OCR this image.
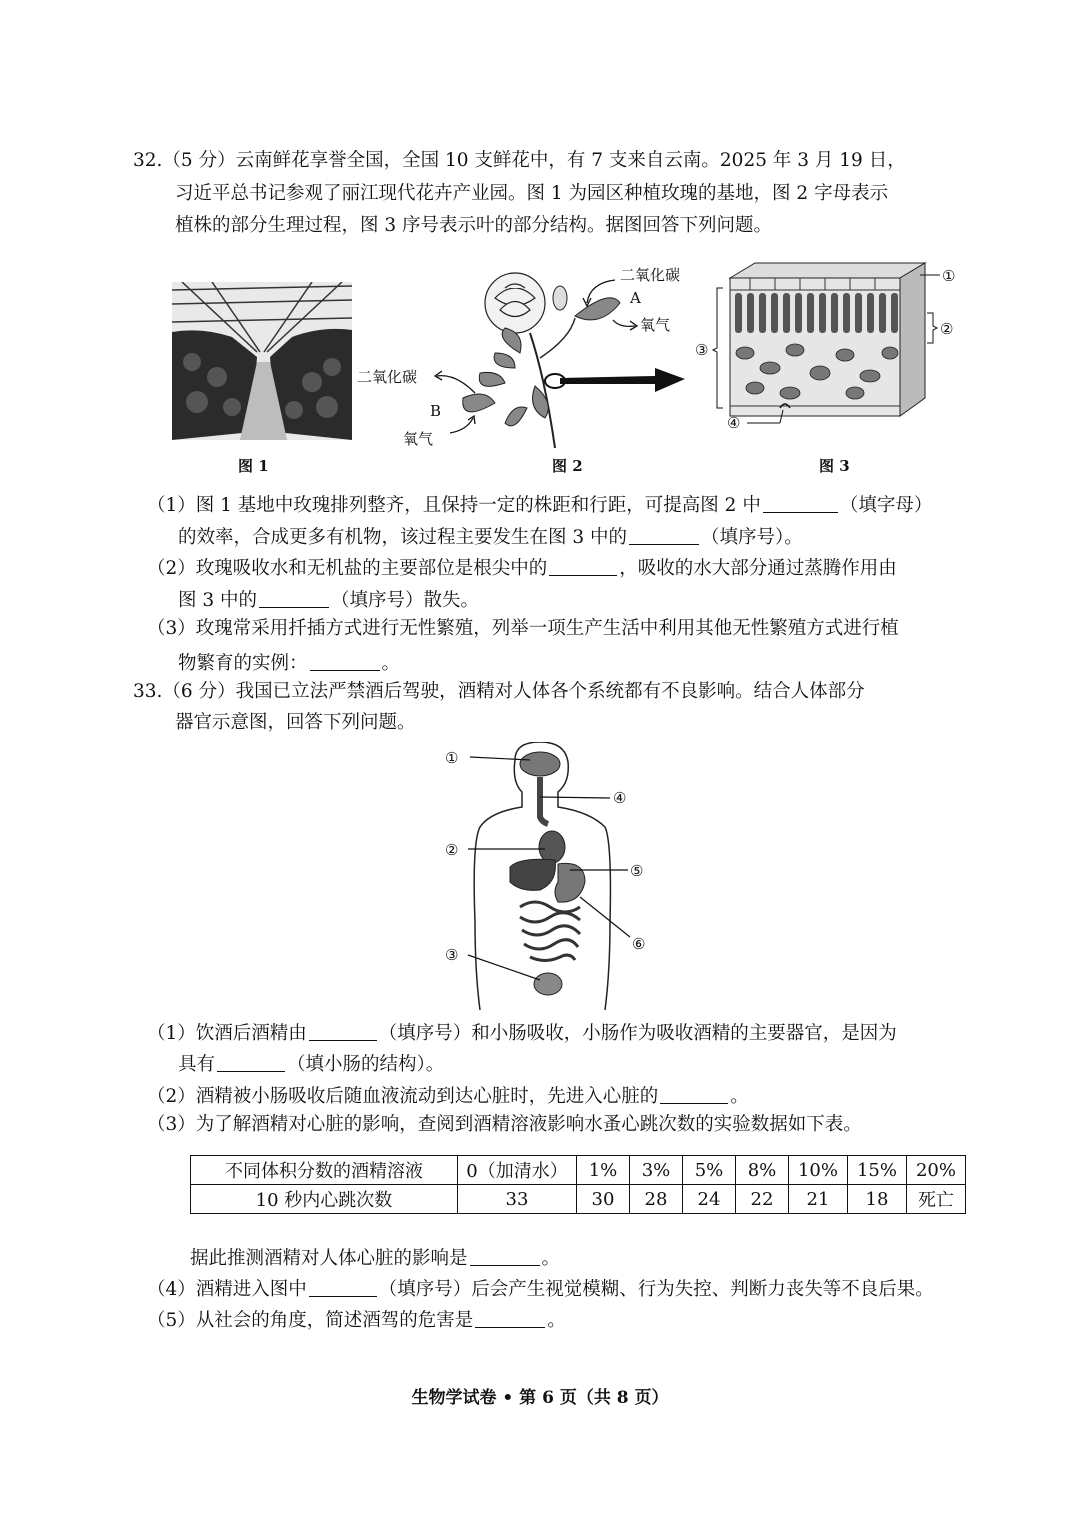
32.（5 分）云南鲜花享誉全国，全国 10 支鲜花中，有 7 支来自云南。2025 年 3 月 19 日，
习近平总书记参观了丽江现代花卉产业园。图 1 为园区种植玫瑰的基地，图 2 字母表示
植株的部分生理过程，图 3 序号表示叶的部分结构。据图回答下列问题。
图 1
二氧化碳
A
氧气
二氧化碳
B
氧气
图 2
①
②
③
④
图 3
（1）图 1 基地中玫瑰排列整齐，且保持一定的株距和行距，可提高图 2 中	（填字母）
的效率，合成更多有机物，该过程主要发生在图 3 中的	（填序号）。
（2）玫瑰吸收水和无机盐的主要部位是根尖中的	，吸收的水大部分通过蒸腾作用由
图 3 中的	（填序号）散失。
（3）玫瑰常采用扦插方式进行无性繁殖，列举一项生产生活中利用其他无性繁殖方式进行植
物繁育的实例：	。
33.（6 分）我国已立法严禁酒后驾驶，酒精对人体各个系统都有不良影响。结合人体部分
器官示意图，回答下列问题。
①
④
②
⑤
⑥
③
（1）饮酒后酒精由	（填序号）和小肠吸收，小肠作为吸收酒精的主要器官，是因为
具有	（填小肠的结构）。
（2）酒精被小肠吸收后随血液流动到达心脏时，先进入心脏的	。
（3）为了解酒精对心脏的影响，查阅到酒精溶液影响水蚤心跳次数的实验数据如下表。
不同体积分数的酒精溶液	0（加清水）	1%	3%	5%	8%	10%	15%	20%
10 秒内心跳次数	33	30	28	24	22	21	18	死亡
据此推测酒精对人体心脏的影响是	。
（4）酒精进入图中	（填序号）后会产生视觉模糊、行为失控、判断力丧失等不良后果。
（5）从社会的角度，简述酒驾的危害是	。
生物学试卷 • 第 6 页（共 8 页）
